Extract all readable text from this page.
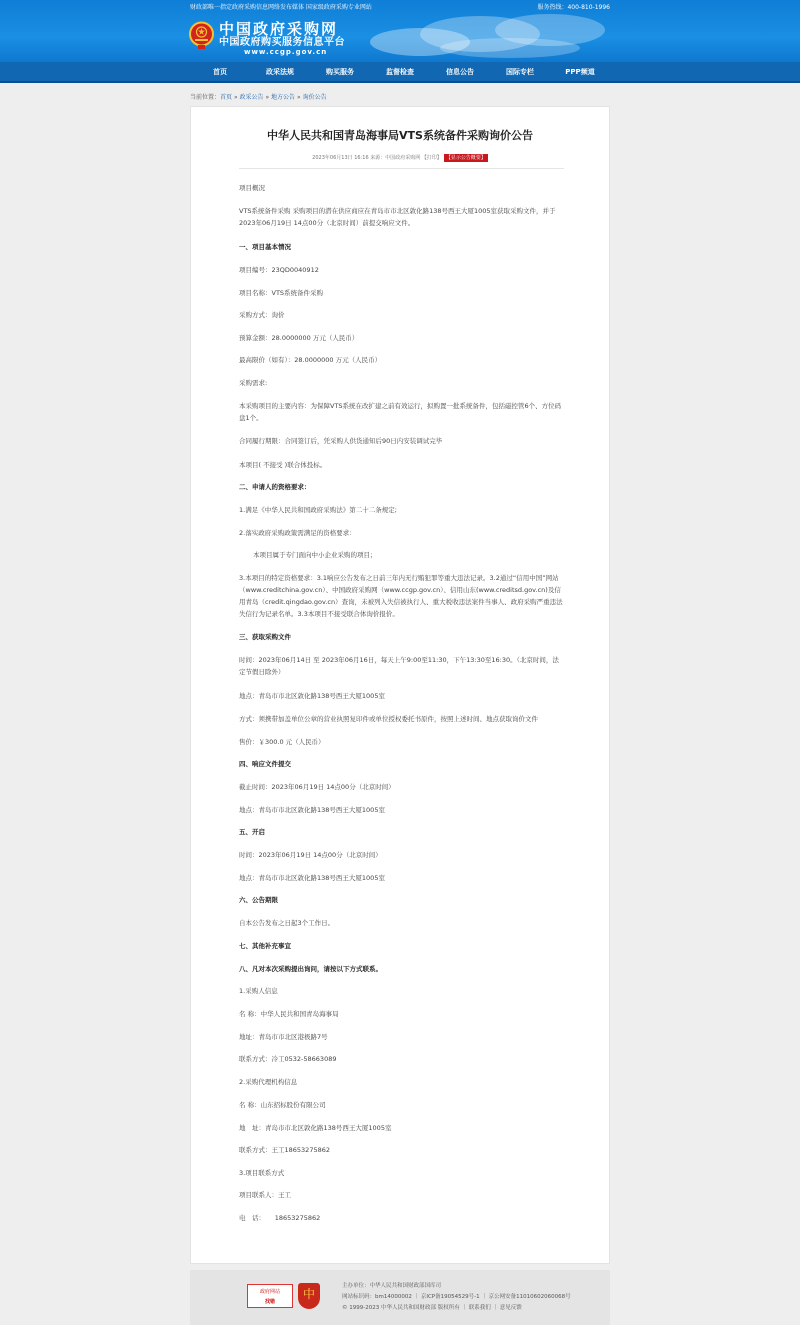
财政部唯一指定政府采购信息网络发布媒体 国家级政府采购专业网站	服务热线：400-810-1996
中国政府采购网
中国政府购买服务信息平台
www.ccgp.gov.cn
首页	政采法规	购买服务	监督检查	信息公告	国际专栏	PPP频道
当前位置：首页 » 政采公告 » 地方公告 » 询价公告
中华人民共和国青岛海事局VTS系统备件采购询价公告
2023年06月13日 16:16 来源：中国政府采购网 【打印】 【显示公告概要】
项目概况
VTS系统备件采购 采购项目的潜在供应商应在青岛市市北区敦化路138号西王大厦1005室获取采购文件，并于2023年06月19日 14点00分（北京时间）前提交响应文件。
一、项目基本情况
项目编号：23QD0040912
项目名称：VTS系统备件采购
采购方式：询价
预算金额：28.0000000 万元（人民币）
最高限价（如有）：28.0000000 万元（人民币）
采购需求:
本采购项目的主要内容：为保障VTS系统在改扩建之前有效运行，拟购置一批系统备件，包括磁控管6个、方位码盘1个。
合同履行期限：合同签订后，凭采购人供货通知后90日内安装调试完毕
本项目( 不接受 )联合体投标。
二、申请人的资格要求：
1.满足《中华人民共和国政府采购法》第二十二条规定;
2.落实政府采购政策需满足的资格要求：
本项目属于专门面向中小企业采购的项目；
3.本项目的特定资格要求：3.1响应公告发布之日前三年内无行贿犯罪等重大违法记录。3.2通过“信用中国”网站（www.creditchina.gov.cn）、中国政府采购网（www.ccgp.gov.cn）、信用山东(www.creditsd.gov.cn)及信用青岛（credit.qingdao.gov.cn）查询，未被列入失信被执行人、重大税收违法案件当事人、政府采购严重违法失信行为记录名单。3.3本项目不接受联合体询价报价。
三、获取采购文件
时间：2023年06月14日 至 2023年06月16日，每天上午9:00至11:30，下午13:30至16:30。（北京时间，法定节假日除外）
地点：青岛市市北区敦化路138号西王大厦1005室
方式：须携带加盖单位公章的营业执照复印件或单位授权委托书原件，按照上述时间、地点获取询价文件
售价：￥300.0 元（人民币）
四、响应文件提交
截止时间：2023年06月19日 14点00分（北京时间）
地点：青岛市市北区敦化路138号西王大厦1005室
五、开启
时间：2023年06月19日 14点00分（北京时间）
地点：青岛市市北区敦化路138号西王大厦1005室
六、公告期限
自本公告发布之日起3个工作日。
七、其他补充事宜
八、凡对本次采购提出询问，请按以下方式联系。
1.采购人信息
名 称：中华人民共和国青岛海事局
地址：青岛市市北区港极路7号
联系方式：冷工0532-58663089
2.采购代理机构信息
名 称：山东招标股份有限公司
地　址：青岛市市北区敦化路138号西王大厦1005室
联系方式：王工18653275862
3.项目联系方式
项目联系人：王工
电　话：　　18653275862
政府网站
找错
中
主办单位：中华人民共和国财政部国库司
网站标识码：bm14000002 ｜ 京ICP备19054529号-1 ｜ 京公网安备11010602060068号
© 1999-2023 中华人民共和国财政部 版权所有 ｜ 联系我们 ｜ 意见反馈
